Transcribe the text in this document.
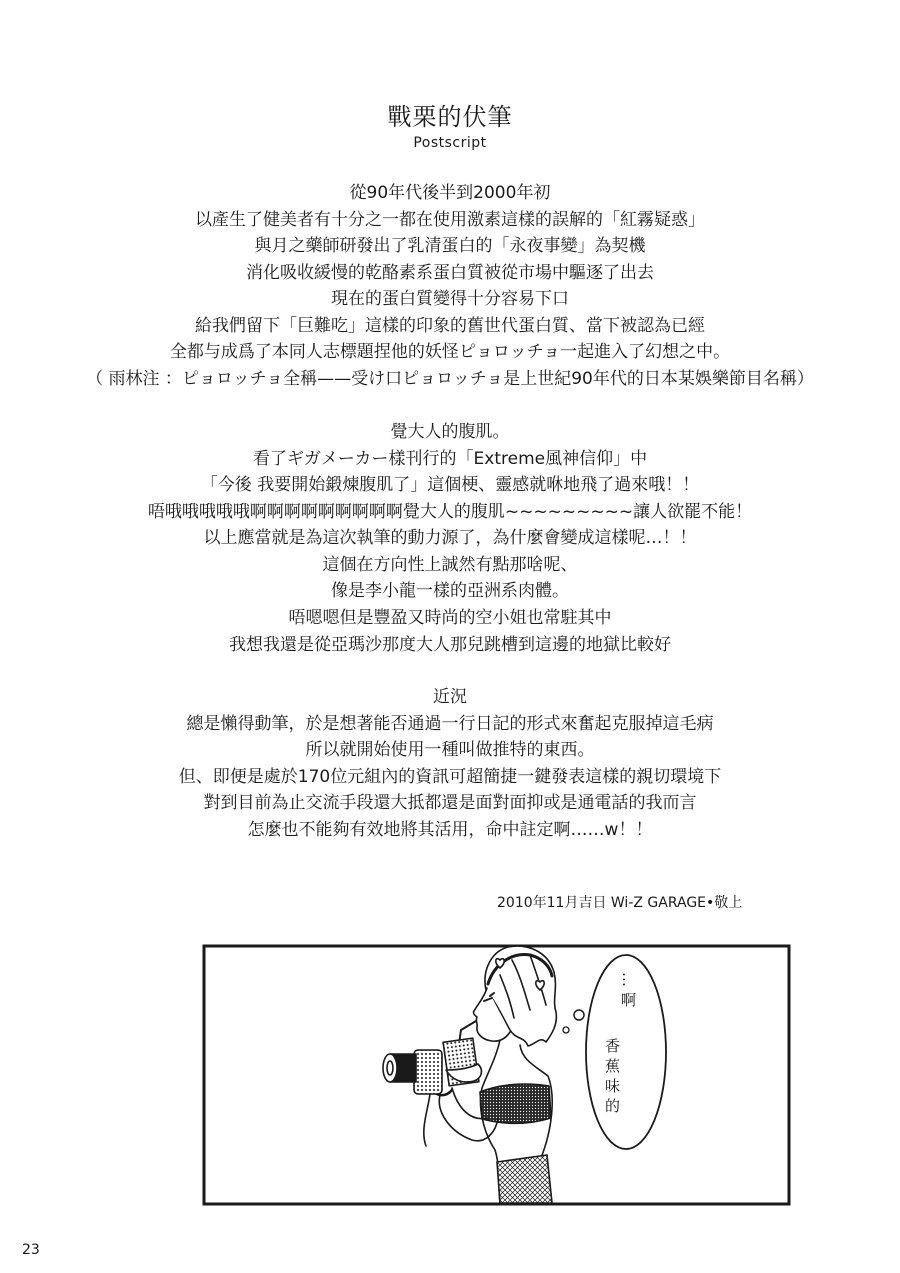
戰栗的伏筆
Postscript
從90年代後半到2000年初
以產生了健美者有十分之一都在使用激素這樣的誤解的「紅霧疑惑」
與月之藥師研發出了乳清蛋白的「永夜事變」為契機
消化吸收緩慢的乾酪素系蛋白質被從市場中驅逐了出去
現在的蛋白質變得十分容易下口
給我們留下「巨難吃」這樣的印象的舊世代蛋白質、當下被認為已經
全都与成爲了本同人志標題捏他的妖怪ピョロッチョ一起進入了幻想之中。
（ 雨林注 ：ピョロッチョ全稱——受け口ピョロッチョ是上世紀90年代的日本某娛樂節目名稱）
覺大人的腹肌。
看了ギガメーカー樣刊行的「Extreme風神信仰」中
「今後 我要開始鍛煉腹肌了」這個梗、靈感就咻地飛了過來哦！！
唔哦哦哦哦哦啊啊啊啊啊啊啊啊啊覺大人的腹肌~~~~~~~~~讓人欲罷不能！
以上應當就是為這次執筆的動力源了，為什麼會變成這樣呢…！！
這個在方向性上誠然有點那啥呢、
像是李小龍一樣的亞洲系肉體。
唔嗯嗯但是豐盈又時尚的空小姐也常駐其中
我想我還是從亞瑪沙那度大人那兒跳槽到這邊的地獄比較好
近況
總是懶得動筆，於是想著能否通過一行日記的形式來奮起克服掉這毛病
所以就開始使用一種叫做推特的東西。
但、即便是處於170位元組內的資訊可超簡捷一鍵發表這樣的親切環境下
對到目前為止交流手段還大抵都還是面對面抑或是通電話的我而言
怎麼也不能夠有效地將其活用，命中註定啊……w！！
2010年11月吉日 Wi-Z GARAGE•敬上
…啊
香蕉味的
23
